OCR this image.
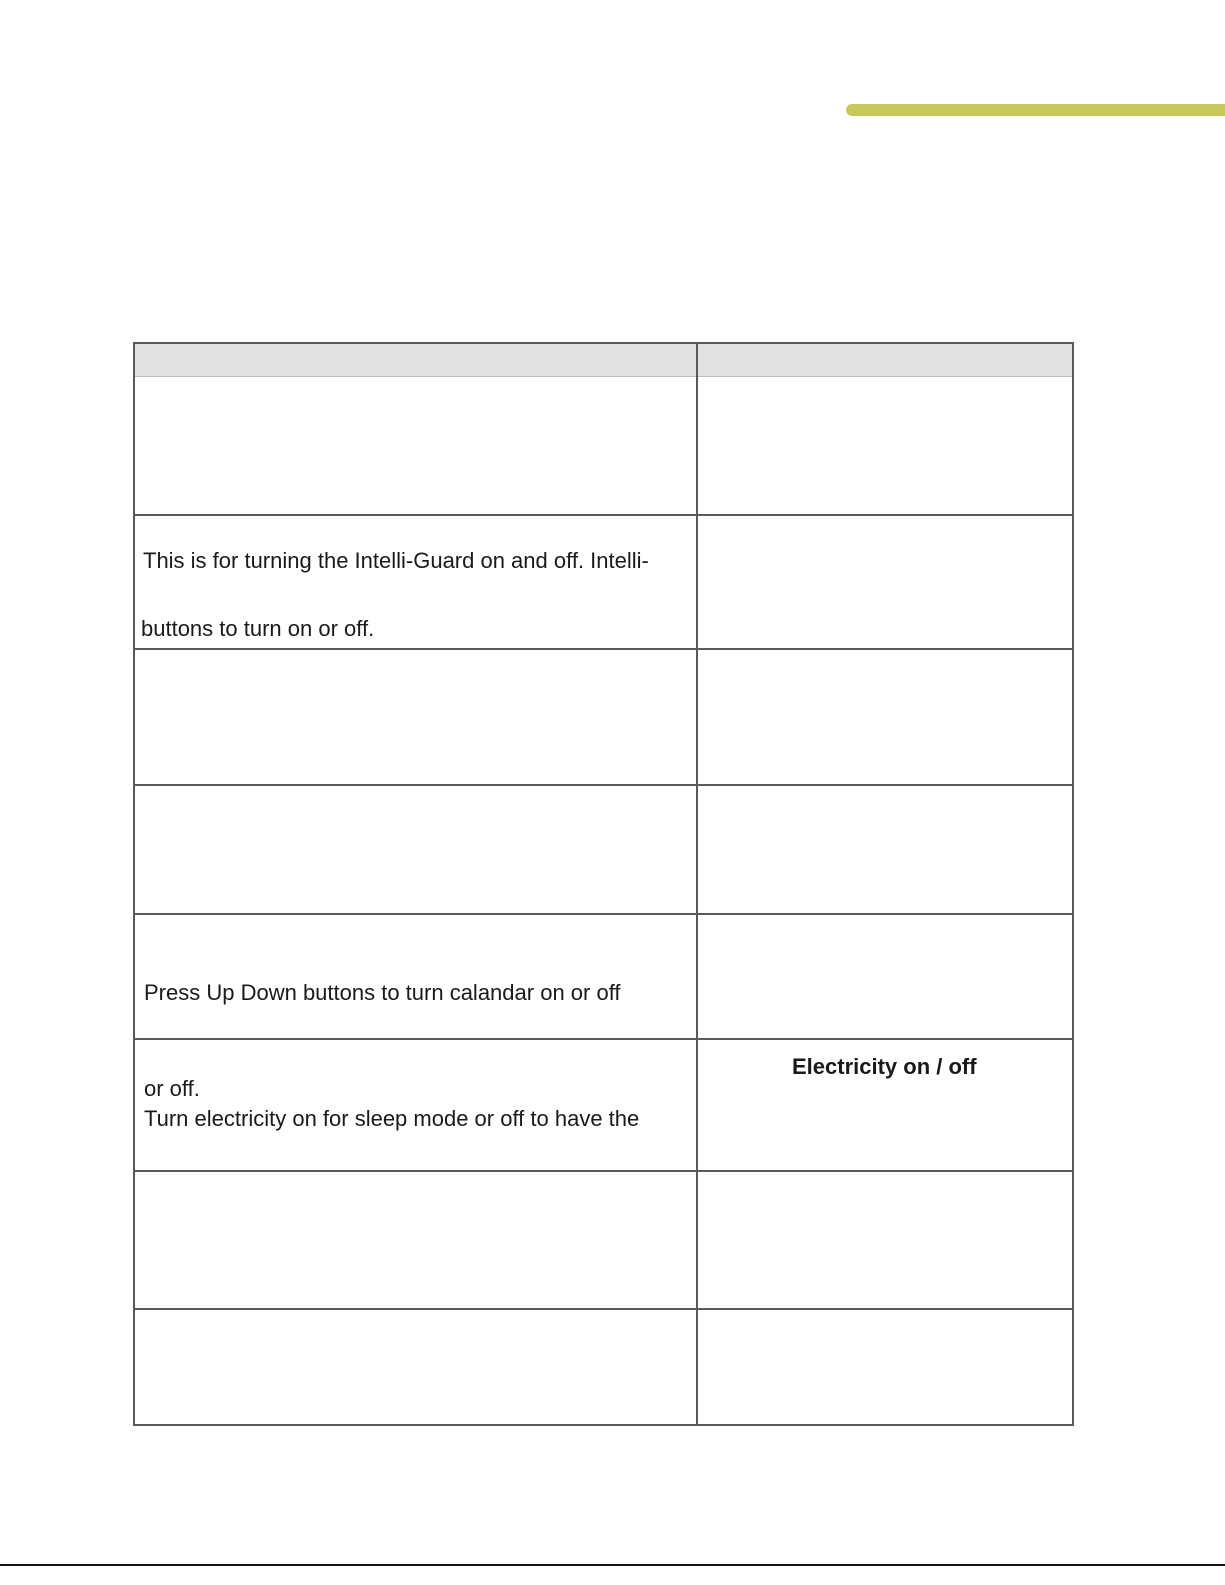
This is for turning the Intelli-Guard on and off. Intelli-
buttons to turn on or off.
Press Up Down buttons to turn calandar on or off
or off.
Turn electricity on for sleep mode or off to have the
Electricity on / off
